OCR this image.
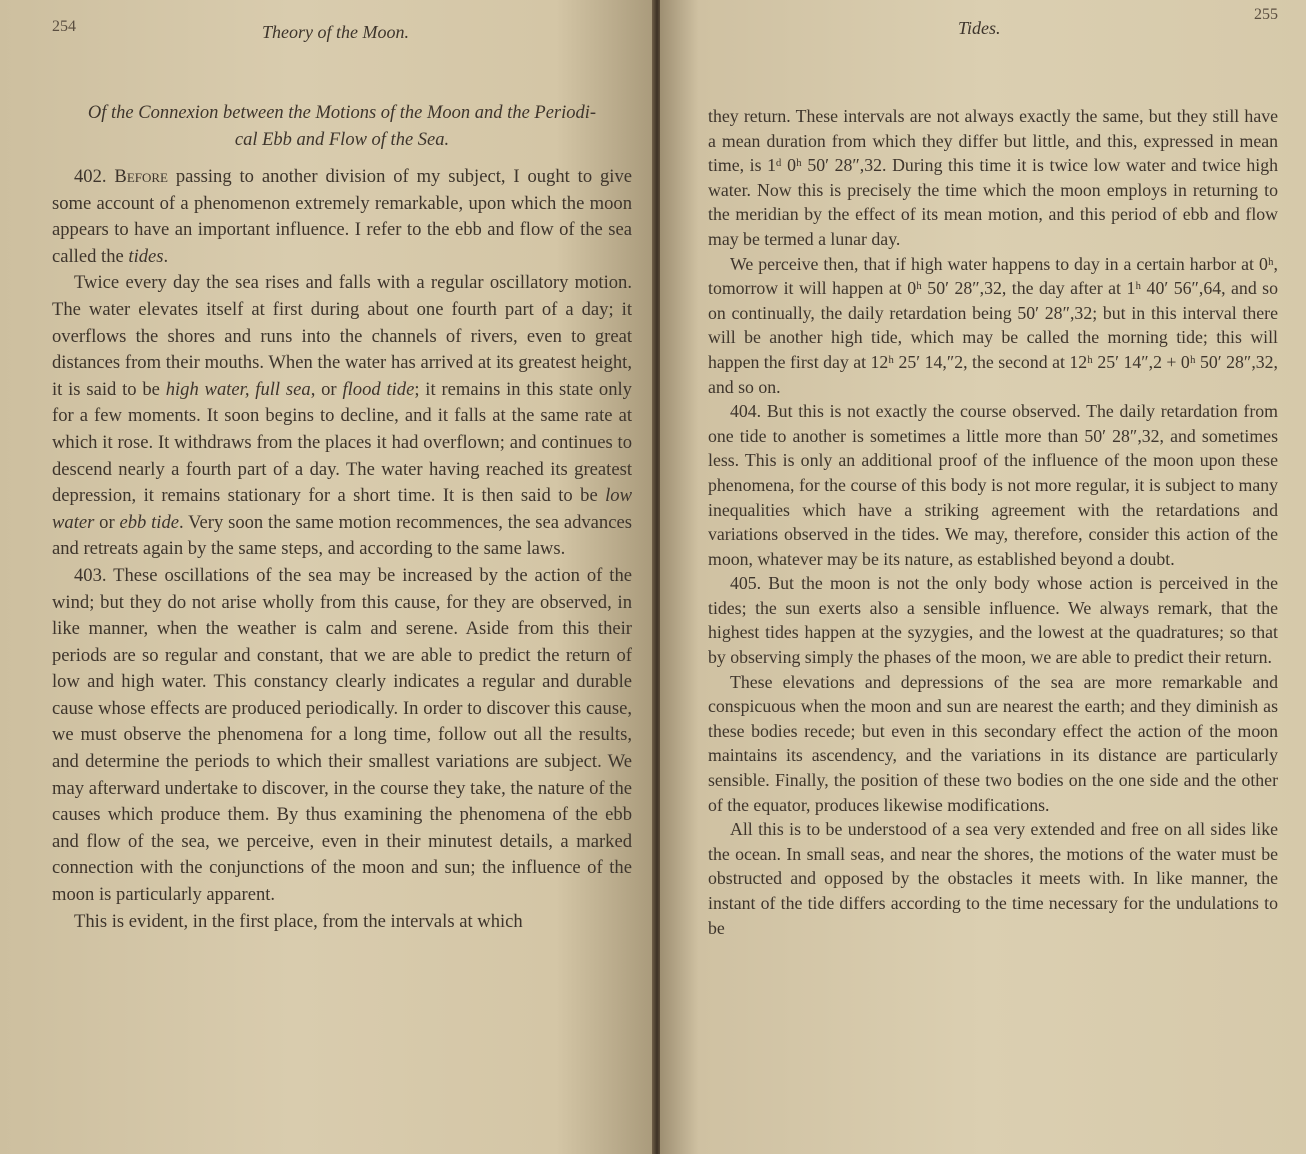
254	Theory of the Moon.
Of the Connexion between the Motions of the Moon and the Periodi-
cal Ebb and Flow of the Sea.

402. Before passing to another division of my subject, I ought to give some account of a phenomenon extremely remarkable, upon which the moon appears to have an important influence. I refer to the ebb and flow of the sea called the tides.

Twice every day the sea rises and falls with a regular oscillatory motion. The water elevates itself at first during about one fourth part of a day; it overflows the shores and runs into the channels of rivers, even to great distances from their mouths. When the water has arrived at its greatest height, it is said to be high water, full sea, or flood tide; it remains in this state only for a few moments. It soon begins to decline, and it falls at the same rate at which it rose. It withdraws from the places it had overflown; and continues to descend nearly a fourth part of a day. The water having reached its greatest depression, it remains stationary for a short time. It is then said to be low water or ebb tide. Very soon the same motion recommences, the sea advances and retreats again by the same steps, and according to the same laws.

403. These oscillations of the sea may be increased by the action of the wind; but they do not arise wholly from this cause, for they are observed, in like manner, when the weather is calm and serene. Aside from this their periods are so regular and constant, that we are able to predict the return of low and high water. This constancy clearly indicates a regular and durable cause whose effects are produced periodically. In order to discover this cause, we must observe the phenomena for a long time, follow out all the results, and determine the periods to which their smallest variations are subject. We may afterward undertake to discover, in the course they take, the nature of the causes which produce them. By thus examining the phenomena of the ebb and flow of the sea, we perceive, even in their minutest details, a marked connection with the conjunctions of the moon and sun; the influence of the moon is particularly apparent.

This is evident, in the first place, from the intervals at which

Tides.
255

they return. These intervals are not always exactly the same, but they still have a mean duration from which they differ but little, and this, expressed in mean time, is 1ᵈ 0ʰ 50′ 28″,32. During this time it is twice low water and twice high water. Now this is precisely the time which the moon employs in returning to the meridian by the effect of its mean motion, and this period of ebb and flow may be termed a lunar day.

We perceive then, that if high water happens to day in a certain harbor at 0ʰ, tomorrow it will happen at 0ʰ 50′ 28″,32, the day after at 1ʰ 40′ 56″,64, and so on continually, the daily retardation being 50′ 28″,32; but in this interval there will be another high tide, which may be called the morning tide; this will happen the first day at 12ʰ 25′ 14,″2, the second at 12ʰ 25′ 14″,2 + 0ʰ 50′ 28″,32, and so on.

404. But this is not exactly the course observed. The daily retardation from one tide to another is sometimes a little more than 50′ 28″,32, and sometimes less. This is only an additional proof of the influence of the moon upon these phenomena, for the course of this body is not more regular, it is subject to many inequalities which have a striking agreement with the retardations and variations observed in the tides. We may, therefore, consider this action of the moon, whatever may be its nature, as established beyond a doubt.

405. But the moon is not the only body whose action is perceived in the tides; the sun exerts also a sensible influence. We always remark, that the highest tides happen at the syzygies, and the lowest at the quadratures; so that by observing simply the phases of the moon, we are able to predict their return.

These elevations and depressions of the sea are more remarkable and conspicuous when the moon and sun are nearest the earth; and they diminish as these bodies recede; but even in this secondary effect the action of the moon maintains its ascendency, and the variations in its distance are particularly sensible. Finally, the position of these two bodies on the one side and the other of the equator, produces likewise modifications.

All this is to be understood of a sea very extended and free on all sides like the ocean. In small seas, and near the shores, the motions of the water must be obstructed and opposed by the obstacles it meets with. In like manner, the instant of the tide differs according to the time necessary for the undulations to be
